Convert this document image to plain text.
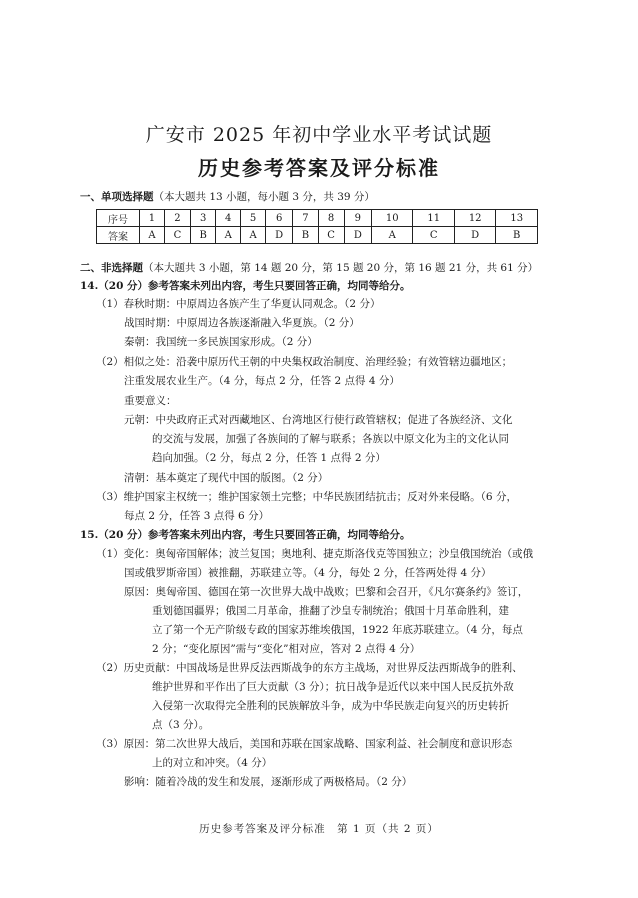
广安市 2025 年初中学业水平考试试题
历史参考答案及评分标准
一、单项选择题（本大题共 13 小题，每小题 3 分，共 39 分）
序号	1	2	3	4	5	6	7	8	9	10	11	12	13
答案	A	C	B	A	A	D	B	C	D	A	C	D	B
二、非选择题（本大题共 3 小题，第 14 题 20 分，第 15 题 20 分，第 16 题 21 分，共 61 分）
14.（20 分）参考答案未列出内容，考生只要回答正确，均同等给分。
（1）春秋时期：中原周边各族产生了华夏认同观念。（2 分）
战国时期：中原周边各族逐渐融入华夏族。（2 分）
秦朝：我国统一多民族国家形成。（2 分）
（2）相似之处：沿袭中原历代王朝的中央集权政治制度、治理经验；有效管辖边疆地区；
注重发展农业生产。（4 分，每点 2 分，任答 2 点得 4 分）
重要意义：
元朝：中央政府正式对西藏地区、台湾地区行使行政管辖权；促进了各族经济、文化
的交流与发展，加强了各族间的了解与联系；各族以中原文化为主的文化认同
趋向加强。（2 分，每点 2 分，任答 1 点得 2 分）
清朝：基本奠定了现代中国的版图。（2 分）
（3）维护国家主权统一；维护国家领土完整；中华民族团结抗击；反对外来侵略。（6 分，
每点 2 分，任答 3 点得 6 分）
15.（20 分）参考答案未列出内容，考生只要回答正确，均同等给分。
（1）变化：奥匈帝国解体；波兰复国；奥地利、捷克斯洛伐克等国独立；沙皇俄国统治（或俄
国或俄罗斯帝国）被推翻，苏联建立等。（4 分，每处 2 分，任答两处得 4 分）
原因：奥匈帝国、德国在第一次世界大战中战败；巴黎和会召开，《凡尔赛条约》签订，
重划德国疆界；俄国二月革命，推翻了沙皇专制统治；俄国十月革命胜利，建
立了第一个无产阶级专政的国家苏维埃俄国，1922 年底苏联建立。（4 分，每点
2 分；“变化原因”需与“变化”相对应，答对 2 点得 4 分）
（2）历史贡献：中国战场是世界反法西斯战争的东方主战场，对世界反法西斯战争的胜利、
维护世界和平作出了巨大贡献（3 分）；抗日战争是近代以来中国人民反抗外敌
入侵第一次取得完全胜利的民族解放斗争，成为中华民族走向复兴的历史转折
点（3 分）。
（3）原因：第二次世界大战后，美国和苏联在国家战略、国家利益、社会制度和意识形态
上的对立和冲突。（4 分）
影响：随着冷战的发生和发展，逐渐形成了两极格局。（2 分）
历史参考答案及评分标准　第 1 页（共 2 页）
